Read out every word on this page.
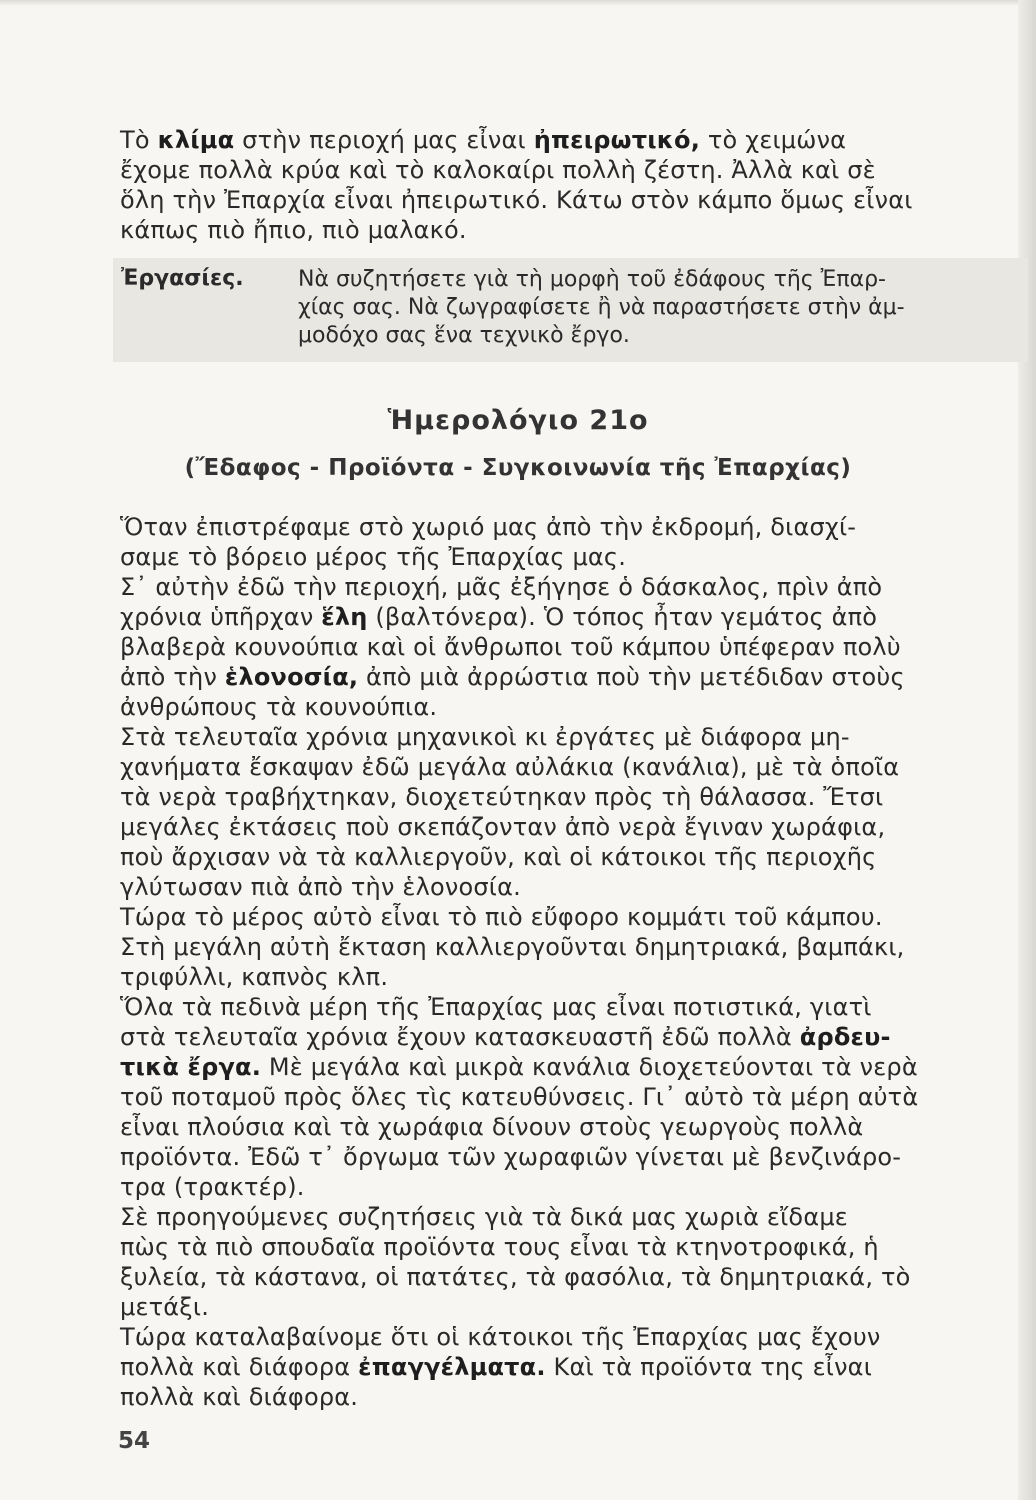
Τὸ κλίμα στὴν περιοχή μας εἶναι ἠπειρωτικό, τὸ χειμώνα
ἔχομε πολλὰ κρύα καὶ τὸ καλοκαίρι πολλὴ ζέστη. Ἀλλὰ καὶ σὲ
ὅλη τὴν Ἐπαρχία εἶναι ἠπειρωτικό. Κάτω στὸν κάμπο ὅμως εἶναι
κάπως πιὸ ἤπιο, πιὸ μαλακό.
Ἐργασίες. Νὰ συζητήσετε γιὰ τὴ μορφὴ τοῦ ἐδάφους τῆς Ἐπαρ-
χίας σας. Νὰ ζωγραφίσετε ἢ νὰ παραστήσετε στὴν ἀμ-
μοδόχο σας ἕνα τεχνικὸ ἔργο.
Ἡμερολόγιο 21ο
(Ἔδαφος - Προϊόντα - Συγκοινωνία τῆς Ἐπαρχίας)
Ὅταν ἐπιστρέφαμε στὸ χωριό μας ἀπὸ τὴν ἐκδρομή, διασχί-
σαμε τὸ βόρειο μέρος τῆς Ἐπαρχίας μας.
Σ᾽ αὐτὴν ἐδῶ τὴν περιοχή, μᾶς ἐξήγησε ὁ δάσκαλος, πρὶν ἀπὸ
χρόνια ὑπῆρχαν ἕλη (βαλτόνερα). Ὁ τόπος ἦταν γεμάτος ἀπὸ
βλαβερὰ κουνούπια καὶ οἱ ἄνθρωποι τοῦ κάμπου ὑπέφεραν πολὺ
ἀπὸ τὴν ἑλονοσία, ἀπὸ μιὰ ἀρρώστια ποὺ τὴν μετέδιδαν στοὺς
ἀνθρώπους τὰ κουνούπια.
Στὰ τελευταῖα χρόνια μηχανικοὶ κι ἐργάτες μὲ διάφορα μη-
χανήματα ἔσκαψαν ἐδῶ μεγάλα αὐλάκια (κανάλια), μὲ τὰ ὁποῖα
τὰ νερὰ τραβήχτηκαν, διοχετεύτηκαν πρὸς τὴ θάλασσα. Ἔτσι
μεγάλες ἐκτάσεις ποὺ σκεπάζονταν ἀπὸ νερὰ ἔγιναν χωράφια,
ποὺ ἄρχισαν νὰ τὰ καλλιεργοῦν, καὶ οἱ κάτοικοι τῆς περιοχῆς
γλύτωσαν πιὰ ἀπὸ τὴν ἑλονοσία.
Τώρα τὸ μέρος αὐτὸ εἶναι τὸ πιὸ εὔφορο κομμάτι τοῦ κάμπου.
Στὴ μεγάλη αὐτὴ ἔκταση καλλιεργοῦνται δημητριακά, βαμπάκι,
τριφύλλι, καπνὸς κλπ.
Ὅλα τὰ πεδινὰ μέρη τῆς Ἐπαρχίας μας εἶναι ποτιστικά, γιατὶ
στὰ τελευταῖα χρόνια ἔχουν κατασκευαστῆ ἐδῶ πολλὰ ἀρδευ-
τικὰ ἔργα. Μὲ μεγάλα καὶ μικρὰ κανάλια διοχετεύονται τὰ νερὰ
τοῦ ποταμοῦ πρὸς ὅλες τὶς κατευθύνσεις. Γι᾽ αὐτὸ τὰ μέρη αὐτὰ
εἶναι πλούσια καὶ τὰ χωράφια δίνουν στοὺς γεωργοὺς πολλὰ
προϊόντα. Ἐδῶ τ᾽ ὄργωμα τῶν χωραφιῶν γίνεται μὲ βενζινάρο-
τρα (τρακτέρ).
Σὲ προηγούμενες συζητήσεις γιὰ τὰ δικά μας χωριὰ εἴδαμε
πὼς τὰ πιὸ σπουδαῖα προϊόντα τους εἶναι τὰ κτηνοτροφικά, ἡ
ξυλεία, τὰ κάστανα, οἱ πατάτες, τὰ φασόλια, τὰ δημητριακά, τὸ
μετάξι.
Τώρα καταλαβαίνομε ὅτι οἱ κάτοικοι τῆς Ἐπαρχίας μας ἔχουν
πολλὰ καὶ διάφορα ἐπαγγέλματα. Καὶ τὰ προϊόντα της εἶναι
πολλὰ καὶ διάφορα.
54
